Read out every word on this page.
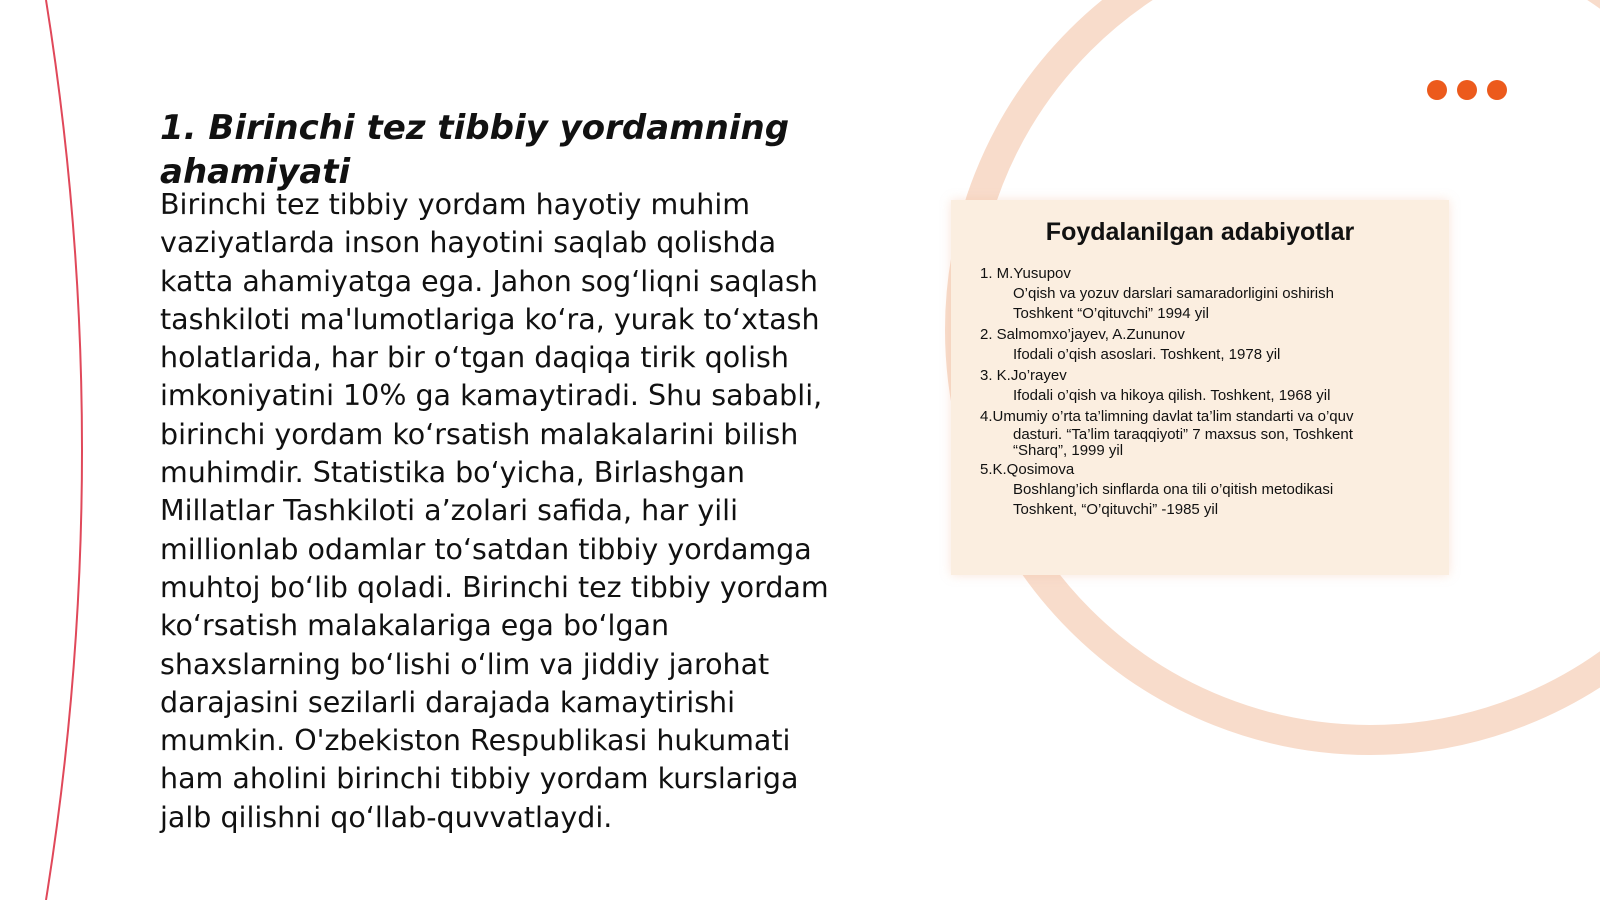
1. Birinchi tez tibbiy yordamning ahamiyati

Birinchi tez tibbiy yordam hayotiy muhim vaziyatlarda inson hayotini saqlab qolishda katta ahamiyatga ega. Jahon sog‘liqni saqlash tashkiloti ma'lumotlariga ko‘ra, yurak to‘xtash holatlarida, har bir o‘tgan daqiqa tirik qolish imkoniyatini 10% ga kamaytiradi. Shu sababli, birinchi yordam ko‘rsatish malakalarini bilish muhimdir. Statistika bo‘yicha, Birlashgan Millatlar Tashkiloti a’zolari safida, har yili millionlab odamlar to‘satdan tibbiy yordamga muhtoj bo‘lib qoladi. Birinchi tez tibbiy yordam ko‘rsatish malakalariga ega bo‘lgan shaxslarning bo‘lishi o‘lim va jiddiy jarohat darajasini sezilarli darajada kamaytirishi mumkin. O'zbekiston Respublikasi hukumati ham aholini birinchi tibbiy yordam kurslariga jalb qilishni qo‘llab-quvvatlaydi.

Foydalanilgan adabiyotlar
1. M.Yusupov
O’qish va yozuv darslari samaradorligini oshirish
Toshkent “O’qituvchi” 1994 yil
2. Salmomxo’jayev, A.Zununov
Ifodali o’qish asoslari. Toshkent, 1978 yil
3. K.Jo’rayev
Ifodali o’qish va hikoya qilish. Toshkent, 1968 yil
4.Umumiy o’rta ta’limning davlat ta’lim standarti va o’quv
dasturi. “Ta’lim taraqqiyoti” 7 maxsus son, Toshkent
“Sharq”, 1999 yil
5.K.Qosimova
Boshlang’ich sinflarda ona tili o’qitish metodikasi
Toshkent, “O’qituvchi” -1985 yil
